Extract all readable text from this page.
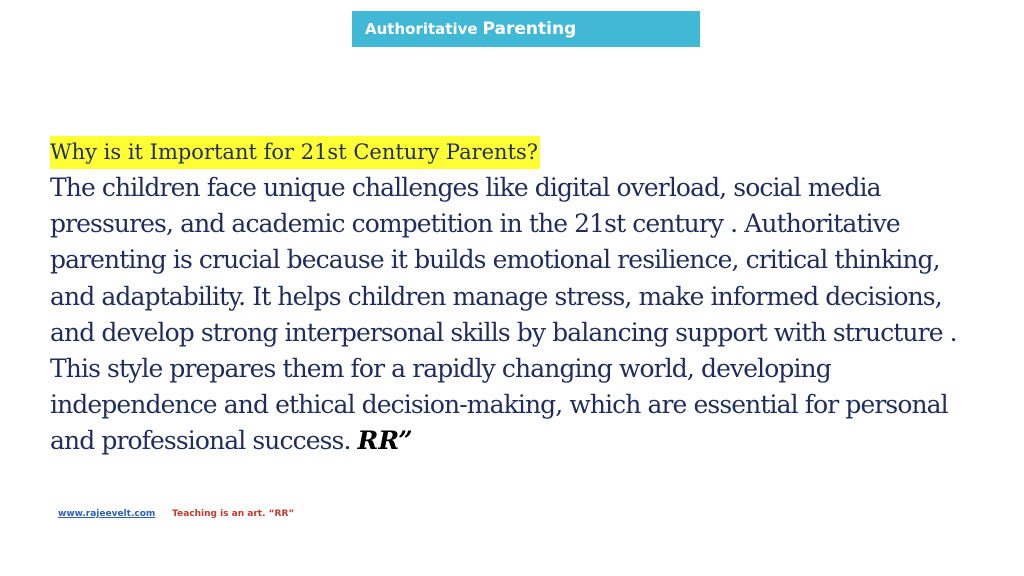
Authoritative Parenting
Why is it Important for 21st Century Parents?

The children face unique challenges like digital overload, social media pressures, and academic competition in the 21st century . Authoritative parenting is crucial because it builds emotional resilience, critical thinking, and adaptability. It helps children manage stress, make informed decisions, and develop strong interpersonal skills by balancing support with structure . This style prepares them for a rapidly changing world, developing independence and ethical decision-making, which are essential for personal and professional success. RR”

www.rajeevelt.com Teaching is an art. “RR”
